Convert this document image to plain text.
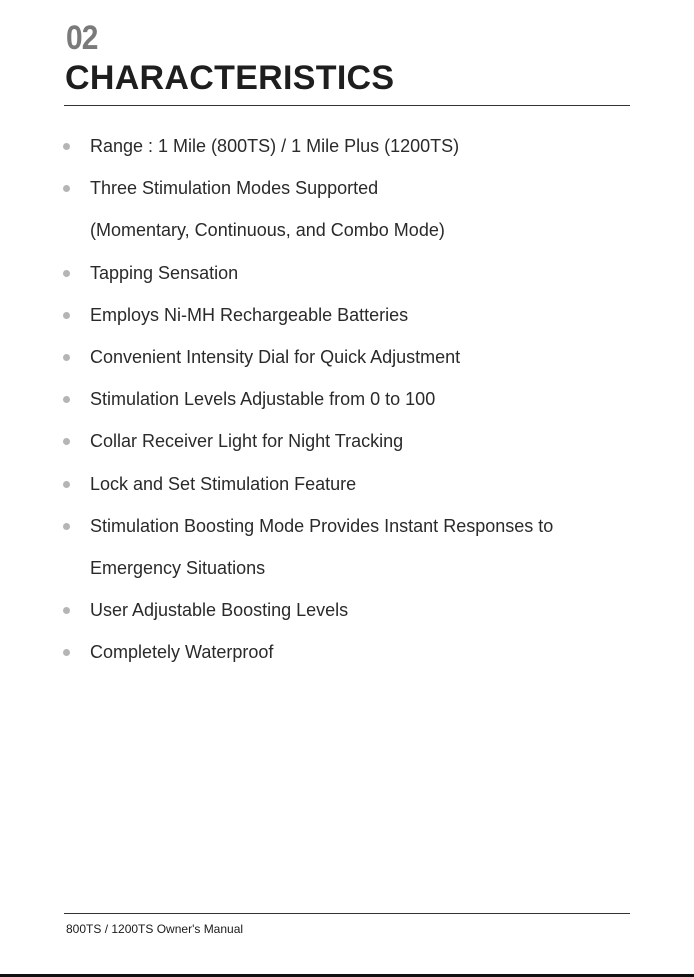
02
CHARACTERISTICS
Range : 1 Mile (800TS) / 1 Mile Plus (1200TS)
Three Stimulation Modes Supported
(Momentary, Continuous, and Combo Mode)
Tapping Sensation
Employs Ni-MH Rechargeable Batteries
Convenient Intensity Dial for Quick Adjustment
Stimulation Levels Adjustable from 0 to 100
Collar Receiver Light for Night Tracking
Lock and Set Stimulation Feature
Stimulation Boosting Mode Provides Instant Responses to
Emergency Situations
User Adjustable Boosting Levels
Completely Waterproof
800TS / 1200TS Owner's Manual
